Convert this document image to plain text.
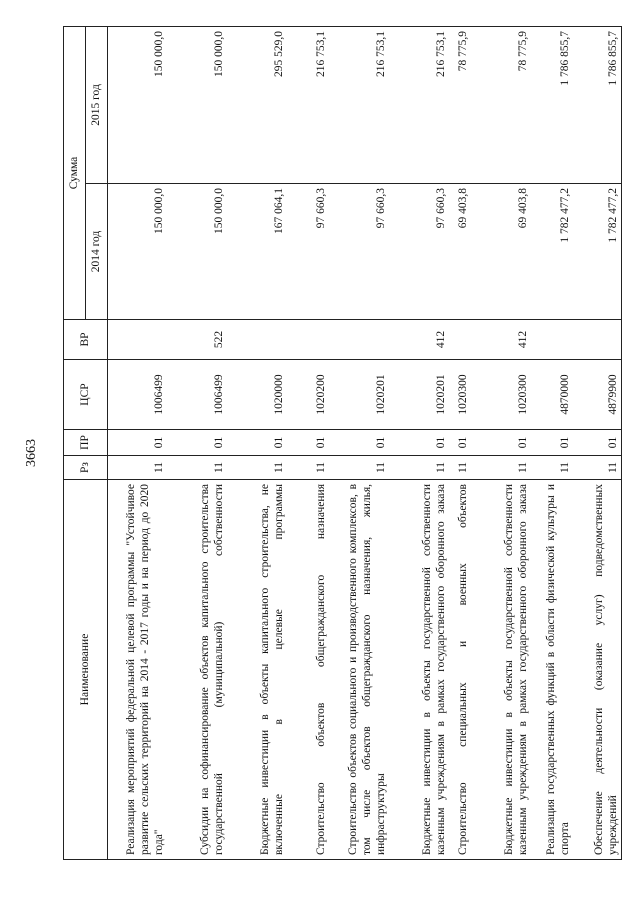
3663
Наименование	Рз	ПР	ЦСР	ВР	Сумма	
					2014 год	2015 год
Реализация мероприятий федеральной целевой программы "Устойчивое развитие сельских территорий на 2014 - 2017 годы и на период до 2020 года"	11	01	1006499		150 000,0	150 000,0
Субсидии на софинансирование объектов капитального строительства государственной (муниципальной) собственности	11	01	1006499	522	150 000,0	150 000,0
Бюджетные инвестиции в объекты капитального строительства, не включенные в целевые программы	11	01	1020000		167 064,1	295 529,0
Строительство объектов общегражданского назначения	11	01	1020200		97 660,3	216 753,1
Строительство объектов социального и производственного комплексов, в том числе объектов общегражданского назначения, жилья, инфраструктуры	11	01	1020201		97 660,3	216 753,1
Бюджетные инвестиции в объекты государственной собственности казенным учреждениям в рамках государственного оборонного заказа	11	01	1020201	412	97 660,3	216 753,1
Строительство специальных и военных объектов	11	01	1020300		69 403,8	78 775,9
Бюджетные инвестиции в объекты государственной собственности казенным учреждениям в рамках государственного оборонного заказа	11	01	1020300	412	69 403,8	78 775,9
Реализация государственных функций в области физической культуры и спорта	11	01	4870000		1 782 477,2	1 786 855,7
Обеспечение деятельности (оказание услуг) подведомственных учреждений	11	01	4879900		1 782 477,2	1 786 855,7
